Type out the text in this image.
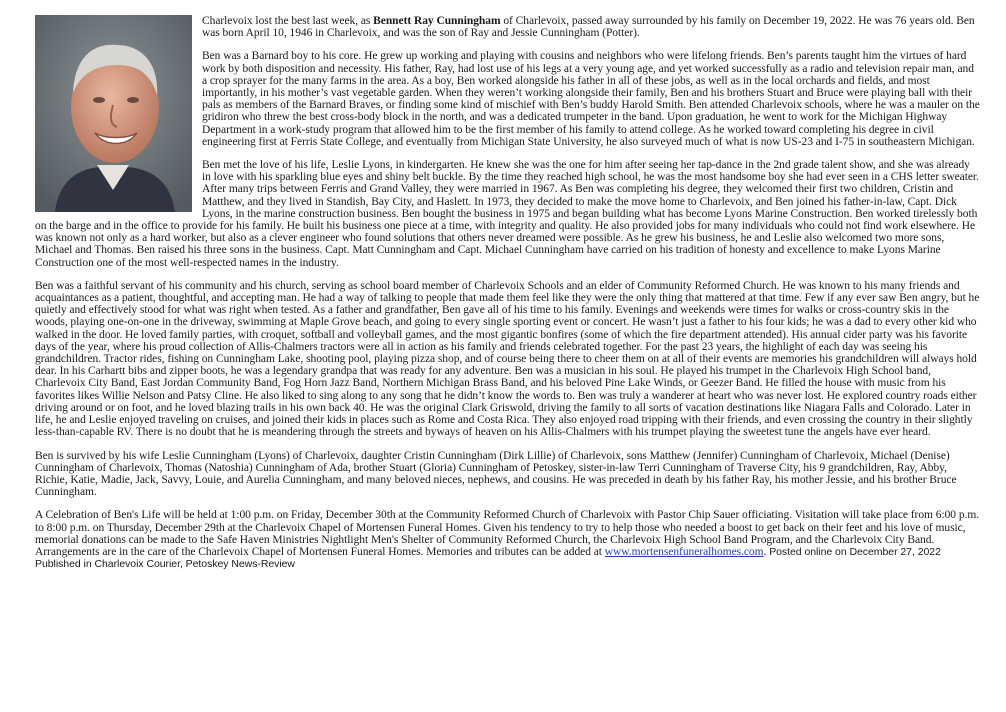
Charlevoix lost the best last week, as Bennett Ray Cunningham of Charlevoix, passed away surrounded by his family on December 19, 2022. He was 76 years old. Ben was born April 10, 1946 in Charlevoix, and was the son of Ray and Jessie Cunningham (Potter).

Ben was a Barnard boy to his core. He grew up working and playing with cousins and neighbors who were lifelong friends. Ben’s parents taught him the virtues of hard work by both disposition and necessity. His father, Ray, had lost use of his legs at a very young age, and yet worked successfully as a radio and television repair man, and a crop sprayer for the many farms in the area. As a boy, Ben worked alongside his father in all of these jobs, as well as in the local orchards and fields, and most importantly, in his mother’s vast vegetable garden. When they weren’t working alongside their family, Ben and his brothers Stuart and Bruce were playing ball with their pals as members of the Barnard Braves, or finding some kind of mischief with Ben’s buddy Harold Smith. Ben attended Charlevoix schools, where he was a mauler on the gridiron who threw the best cross-body block in the north, and was a dedicated trumpeter in the band. Upon graduation, he went to work for the Michigan Highway Department in a work-study program that allowed him to be the first member of his family to attend college. As he worked toward completing his degree in civil engineering first at Ferris State College, and eventually from Michigan State University, he also surveyed much of what is now US-23 and I-75 in southeastern Michigan.

Ben met the love of his life, Leslie Lyons, in kindergarten. He knew she was the one for him after seeing her tap-dance in the 2nd grade talent show, and she was already in love with his sparkling blue eyes and shiny belt buckle. By the time they reached high school, he was the most handsome boy she had ever seen in a CHS letter sweater. After many trips between Ferris and Grand Valley, they were married in 1967. As Ben was completing his degree, they welcomed their first two children, Cristin and Matthew, and they lived in Standish, Bay City, and Haslett. In 1973, they decided to make the move home to Charlevoix, and Ben joined his father-in-law, Capt. Dick Lyons, in the marine construction business. Ben bought the business in 1975 and began building what has become Lyons Marine Construction. Ben worked tirelessly both on the barge and in the office to provide for his family. He built his business one piece at a time, with integrity and quality. He also provided jobs for many individuals who could not find work elsewhere. He was known not only as a hard worker, but also as a clever engineer who found solutions that others never dreamed were possible. As he grew his business, he and Leslie also welcomed two more sons, Michael and Thomas. Ben raised his three sons in the business. Capt. Matt Cunningham and Capt. Michael Cunningham have carried on his tradition of honesty and excellence to make Lyons Marine Construction one of the most well-respected names in the industry.

Ben was a faithful servant of his community and his church, serving as school board member of Charlevoix Schools and an elder of Community Reformed Church. He was known to his many friends and acquaintances as a patient, thoughtful, and accepting man. He had a way of talking to people that made them feel like they were the only thing that mattered at that time. Few if any ever saw Ben angry, but he quietly and effectively stood for what was right when tested. As a father and grandfather, Ben gave all of his time to his family. Evenings and weekends were times for walks or cross-country skis in the woods, playing one-on-one in the driveway, swimming at Maple Grove beach, and going to every single sporting event or concert. He wasn’t just a father to his four kids; he was a dad to every other kid who walked in the door. He loved family parties, with croquet, softball and volleyball games, and the most gigantic bonfires (some of which the fire department attended). His annual cider party was his favorite days of the year, where his proud collection of Allis-Chalmers tractors were all in action as his family and friends celebrated together. For the past 23 years, the highlight of each day was seeing his grandchildren. Tractor rides, fishing on Cunningham Lake, shooting pool, playing pizza shop, and of course being there to cheer them on at all of their events are memories his grandchildren will always hold dear. In his Carhartt bibs and zipper boots, he was a legendary grandpa that was ready for any adventure. Ben was a musician in his soul. He played his trumpet in the Charlevoix High School band, Charlevoix City Band, East Jordan Community Band, Fog Horn Jazz Band, Northern Michigan Brass Band, and his beloved Pine Lake Winds, or Geezer Band. He filled the house with music from his favorites likes Willie Nelson and Patsy Cline. He also liked to sing along to any song that he didn’t know the words to. Ben was truly a wanderer at heart who was never lost. He explored country roads either driving around or on foot, and he loved blazing trails in his own back 40. He was the original Clark Griswold, driving the family to all sorts of vacation destinations like Niagara Falls and Colorado. Later in life, he and Leslie enjoyed traveling on cruises, and joined their kids in places such as Rome and Costa Rica. They also enjoyed road tripping with their friends, and even crossing the country in their slightly less-than-capable RV. There is no doubt that he is meandering through the streets and byways of heaven on his Allis-Chalmers with his trumpet playing the sweetest tune the angels have ever heard.

Ben is survived by his wife Leslie Cunningham (Lyons) of Charlevoix, daughter Cristin Cunningham (Dirk Lillie) of Charlevoix, sons Matthew (Jennifer) Cunningham of Charlevoix, Michael (Denise) Cunningham of Charlevoix, Thomas (Natoshia) Cunningham of Ada, brother Stuart (Gloria) Cunningham of Petoskey, sister-in-law Terri Cunningham of Traverse City, his 9 grandchildren, Ray, Abby, Richie, Katie, Madie, Jack, Savvy, Louie, and Aurelia Cunningham, and many beloved nieces, nephews, and cousins. He was preceded in death by his father Ray, his mother Jessie, and his brother Bruce Cunningham.

A Celebration of Ben's Life will be held at 1:00 p.m. on Friday, December 30th at the Community Reformed Church of Charlevoix with Pastor Chip Sauer officiating. Visitation will take place from 6:00 p.m. to 8:00 p.m. on Thursday, December 29th at the Charlevoix Chapel of Mortensen Funeral Homes. Given his tendency to try to help those who needed a boost to get back on their feet and his love of music, memorial donations can be made to the Safe Haven Ministries Nightlight Men's Shelter of Community Reformed Church, the Charlevoix High School Band Program, and the Charlevoix City Band. Arrangements are in the care of the Charlevoix Chapel of Mortensen Funeral Homes. Memories and tributes can be added at www.mortensenfuneralhomes.com. Posted online on December 27, 2022 Published in Charlevoix Courier, Petoskey News-Review
